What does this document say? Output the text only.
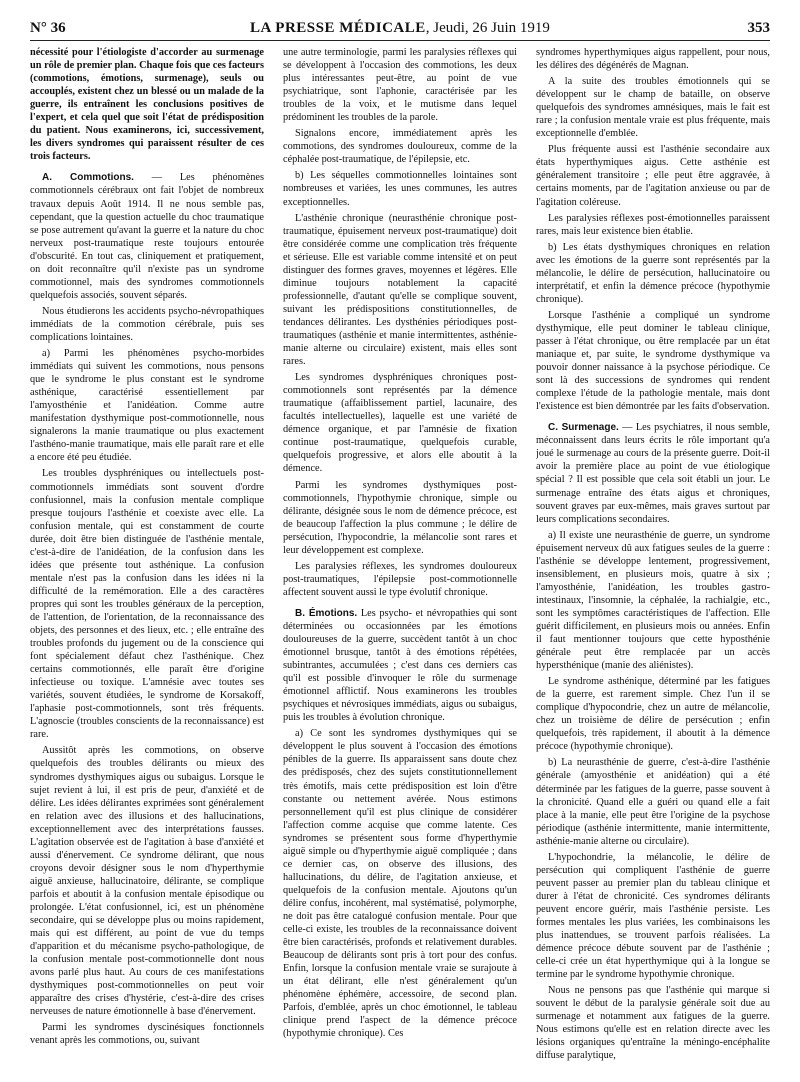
N° 36	LA PRESSE MÉDICALE, Jeudi, 26 Juin 1919	353

nécessité pour l'étiologiste d'accorder au surmenage un rôle de premier plan. Chaque fois que ces facteurs (commotions, émotions, surmenage), seuls ou accouplés, existent chez un blessé ou un malade de la guerre, ils entraînent les conclusions positives de l'expert, et cela quel que soit l'état de prédisposition du patient. Nous examinerons, ici, successivement, les divers syndromes qui paraissent résulter de ces trois facteurs.

A. Commotions. — Les phénomènes commotionnels cérébraux ont fait l'objet de nombreux travaux depuis Août 1914. Il ne nous semble pas, cependant, que la question actuelle du choc traumatique se pose autrement qu'avant la guerre et la nature du choc nerveux post-traumatique reste toujours entourée d'obscurité. En tout cas, cliniquement et pratiquement, on doit reconnaître qu'il n'existe pas un syndrome commotionnel, mais des syndromes commotionnels quelquefois associés, souvent séparés.

Nous étudierons les accidents psycho-névropathiques immédiats de la commotion cérébrale, puis ses complications lointaines.

a) Parmi les phénomènes psycho-morbides immédiats qui suivent les commotions, nous pensons que le syndrome le plus constant est le syndrome asthénique, caractérisé essentiellement par l'amyosthénie et l'anidéation. Comme autre manifestation dysthymique post-commotionnelle, nous signalerons la manie traumatique ou plus exactement l'asthéno-manie traumatique, mais elle paraît rare et elle a encore été peu étudiée.

Les troubles dysphréniques ou intellectuels post-commotionnels immédiats sont souvent d'ordre confusionnel, mais la confusion mentale complique presque toujours l'asthénie et coexiste avec elle. La confusion mentale, qui est constamment de courte durée, doit être bien distinguée de l'asthénie mentale, c'est-à-dire de l'anidéation, de la confusion dans les idées que présente tout asthénique. La confusion mentale n'est pas la confusion dans les idées ni la difficulté de la remémoration. Elle a des caractères propres qui sont les troubles généraux de la perception, de l'attention, de l'orientation, de la reconnaissance des objets, des personnes et des lieux, etc. ; elle entraîne des troubles profonds du jugement ou de la conscience qui font spécialement défaut chez l'asthénique. Chez certains commotionnés, elle paraît être d'origine infectieuse ou toxique. L'amnésie avec toutes ses variétés, souvent étudiées, le syndrome de Korsakoff, l'aphasie post-commotionnels, sont très fréquents. L'agnoscie (troubles conscients de la reconnaissance) est rare.

Aussitôt après les commotions, on observe quelquefois des troubles délirants ou mieux des syndromes dysthymiques aigus ou subaigus. Lorsque le sujet revient à lui, il est pris de peur, d'anxiété et de délire. Les idées délirantes exprimées sont généralement en relation avec des illusions et des hallucinations, exceptionnellement avec des interprétations fausses. L'agitation observée est de l'agitation à base d'anxiété et aussi d'énervement. Ce syndrome délirant, que nous croyons devoir désigner sous le nom d'hyperthymie aiguë anxieuse, hallucinatoire, délirante, se complique parfois et aboutit à la confusion mentale épisodique ou prolongée. L'état confusionnel, ici, est un phénomène secondaire, qui se développe plus ou moins rapidement, mais qui est différent, au point de vue du temps d'apparition et du mécanisme psycho-pathologique, de la confusion mentale post-commotionnelle dont nous avons parlé plus haut. Au cours de ces manifestations dysthymiques post-commotionnelles on peut voir apparaître des crises d'hystérie, c'est-à-dire des crises nerveuses de nature émotionnelle à base d'énervement.

Parmi les syndromes dyscinésiques fonctionnels venant après les commotions, ou, suivant

une autre terminologie, parmi les paralysies réflexes qui se développent à l'occasion des commotions, les deux plus intéressantes peut-être, au point de vue psychiatrique, sont l'aphonie, caractérisée par les troubles de la voix, et le mutisme dans lequel prédominent les troubles de la parole.

Signalons encore, immédiatement après les commotions, des syndromes douloureux, comme de la céphalée post-traumatique, de l'épilepsie, etc.

b) Les séquelles commotionnelles lointaines sont nombreuses et variées, les unes communes, les autres exceptionnelles.

L'asthénie chronique (neurasthénie chronique post-traumatique, épuisement nerveux post-traumatique) doit être considérée comme une complication très fréquente et sérieuse. Elle est variable comme intensité et on peut distinguer des formes graves, moyennes et légères. Elle diminue toujours notablement la capacité professionnelle, d'autant qu'elle se complique souvent, suivant les prédispositions constitutionnelles, de tendances délirantes. Les dysthénies périodiques post-traumatiques (asthénie et manie intermittentes, asthénie-manie alterne ou circulaire) existent, mais elles sont rares.

Les syndromes dysphréniques chroniques post-commotionnels sont représentés par la démence traumatique (affaiblissement partiel, lacunaire, des facultés intellectuelles), laquelle est une variété de démence organique, et par l'amnésie de fixation continue post-traumatique, quelquefois curable, quelquefois progressive, et alors elle aboutit à la démence.

Parmi les syndromes dysthymiques post-commotionnels, l'hypothymie chronique, simple ou délirante, désignée sous le nom de démence précoce, est de beaucoup l'affection la plus commune ; le délire de persécution, l'hypocondrie, la mélancolie sont rares et leur développement est complexe.

Les paralysies réflexes, les syndromes douloureux post-traumatiques, l'épilepsie post-commotionnelle affectent souvent aussi le type évolutif chronique.

B. Émotions. Les psycho- et névropathies qui sont déterminées ou occasionnées par les émotions douloureuses de la guerre, succèdent tantôt à un choc émotionnel brusque, tantôt à des émotions répétées, subintrantes, accumulées ; c'est dans ces derniers cas qu'il est possible d'invoquer le rôle du surmenage émotionnel afflictif. Nous examinerons les troubles psychiques et névrosiques immédiats, aigus ou subaigus, puis les troubles à évolution chronique.

a) Ce sont les syndromes dysthymiques qui se développent le plus souvent à l'occasion des émotions pénibles de la guerre. Ils apparaissent sans doute chez des prédisposés, chez des sujets constitutionnellement très émotifs, mais cette prédisposition est loin d'être constante ou nettement avérée. Nous estimons personnellement qu'il est plus clinique de considérer l'affection comme acquise que comme latente. Ces syndromes se présentent sous forme d'hyperthymie aiguë simple ou d'hyperthymie aiguë compliquée ; dans ce dernier cas, on observe des illusions, des hallucinations, du délire, de l'agitation anxieuse, et quelquefois de la confusion mentale. Ajoutons qu'un délire confus, incohérent, mal systématisé, polymorphe, ne doit pas être catalogué confusion mentale. Pour que celle-ci existe, les troubles de la reconnaissance doivent être bien caractérisés, profonds et relativement durables. Beaucoup de délirants sont pris à tort pour des confus. Enfin, lorsque la confusion mentale vraie se surajoute à un état délirant, elle n'est généralement qu'un phénomène éphémère, accessoire, de second plan. Parfois, d'emblée, après un choc émotionnel, le tableau clinique prend l'aspect de la démence précoce (hypothymie chronique). Ces

syndromes hyperthymiques aigus rappellent, pour nous, les délires des dégénérés de Magnan.

A la suite des troubles émotionnels qui se développent sur le champ de bataille, on observe quelquefois des syndromes amnésiques, mais le fait est rare ; la confusion mentale vraie est plus fréquente, mais exceptionnelle d'emblée.

Plus fréquente aussi est l'asthénie secondaire aux états hyperthymiques aigus. Cette asthénie est généralement transitoire ; elle peut être aggravée, à certains moments, par de l'agitation anxieuse ou par de l'agitation coléreuse.

Les paralysies réflexes post-émotionnelles paraissent rares, mais leur existence bien établie.

b) Les états dysthymiques chroniques en relation avec les émotions de la guerre sont représentés par la mélancolie, le délire de persécution, hallucinatoire ou interprétatif, et enfin la démence précoce (hypothymie chronique).

Lorsque l'asthénie a compliqué un syndrome dysthymique, elle peut dominer le tableau clinique, passer à l'état chronique, ou être remplacée par un état maniaque et, par suite, le syndrome dysthymique va pouvoir donner naissance à la psychose périodique. Ce sont là des successions de syndromes qui rendent complexe l'étude de la pathologie mentale, mais dont l'existence est bien démontrée par les faits d'observation.

C. Surmenage. — Les psychiatres, il nous semble, méconnaissent dans leurs écrits le rôle important qu'a joué le surmenage au cours de la présente guerre. Doit-il avoir la première place au point de vue étiologique spécial ? Il est possible que cela soit établi un jour. Le surmenage entraîne des états aigus et chroniques, souvent graves par eux-mêmes, mais graves surtout par leurs complications secondaires.

a) Il existe une neurasthénie de guerre, un syndrome épuisement nerveux dû aux fatigues seules de la guerre : l'asthénie se développe lentement, progressivement, insensiblement, en plusieurs mois, quatre à six ; l'amyosthénie, l'anidéation, les troubles gastro-intestinaux, l'insomnie, la céphalée, la rachialgie, etc., sont les symptômes caractéristiques de l'affection. Elle guérit difficilement, en plusieurs mois ou années. Enfin il faut mentionner toujours que cette hyposthénie générale peut être remplacée par un accès hypersthénique (manie des aliénistes).

Le syndrome asthénique, déterminé par les fatigues de la guerre, est rarement simple. Chez l'un il se complique d'hypocondrie, chez un autre de mélancolie, chez un troisième de délire de persécution ; enfin quelquefois, très rapidement, il aboutit à la démence précoce (hypothymie chronique).

b) La neurasthénie de guerre, c'est-à-dire l'asthénie générale (amyosthénie et anidéation) qui a été déterminée par les fatigues de la guerre, passe souvent à la chronicité. Quand elle a guéri ou quand elle a fait place à la manie, elle peut être l'origine de la psychose périodique (asthénie intermittente, manie intermittente, asthénie-manie alterne ou circulaire).

L'hypochondrie, la mélancolie, le délire de persécution qui compliquent l'asthénie de guerre peuvent passer au premier plan du tableau clinique et durer à l'état de chronicité. Ces syndromes délirants peuvent encore guérir, mais l'asthénie persiste. Les formes mentales les plus variées, les combinaisons les plus inattendues, se trouvent parfois réalisées. La démence précoce débute souvent par de l'asthénie ; celle-ci crée un état hyperthymique qui à la longue se termine par le syndrome hypothymie chronique.

Nous ne pensons pas que l'asthénie qui marque si souvent le début de la paralysie générale soit due au surmenage et notamment aux fatigues de la guerre. Nous estimons qu'elle est en relation directe avec les lésions organiques qu'entraîne la méningo-encéphalite diffuse paralytique,
